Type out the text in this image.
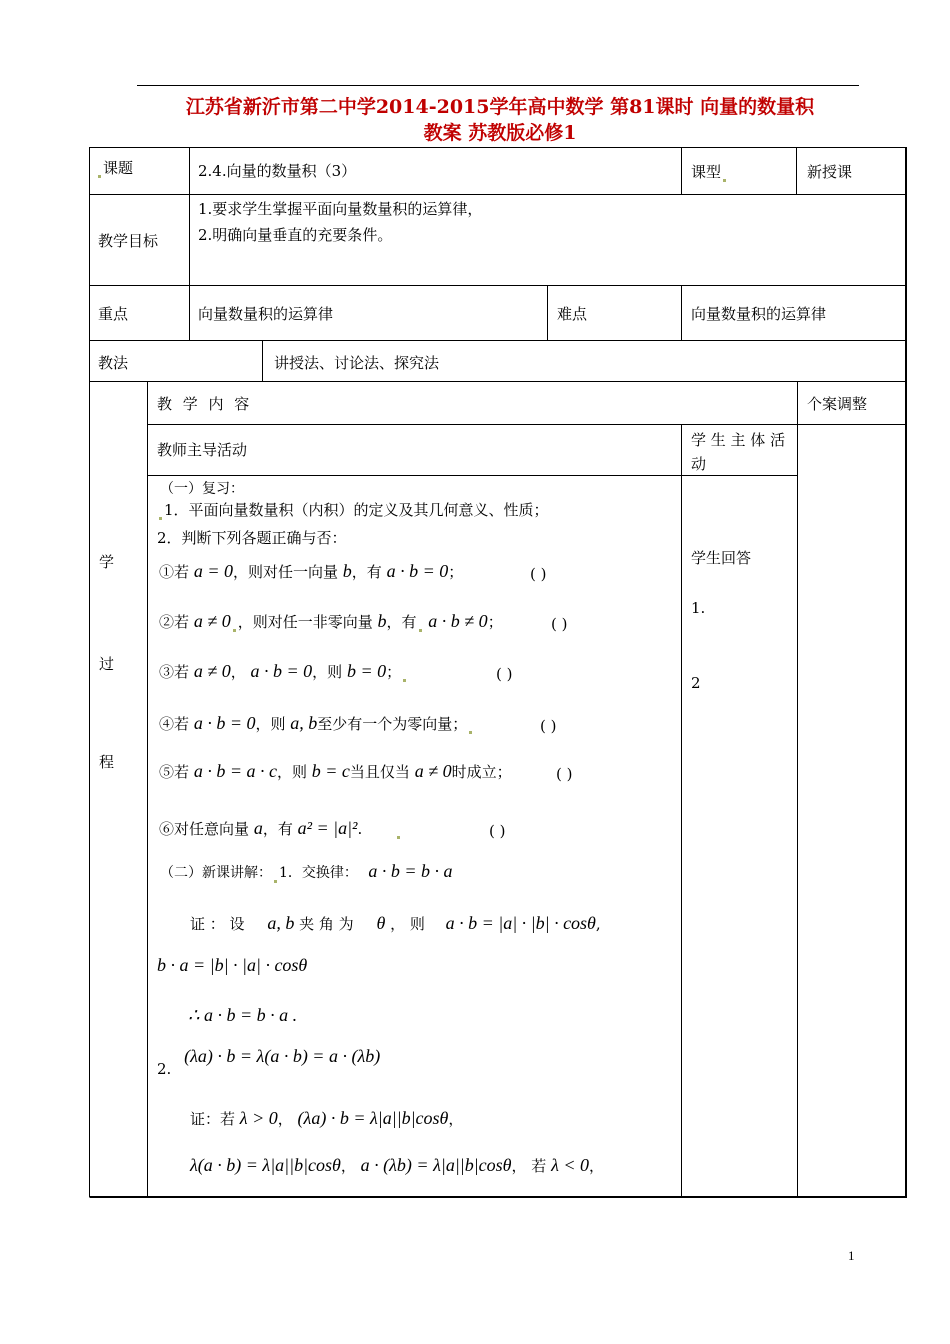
江苏省新沂市第二中学2014-2015学年高中数学 第81课时 向量的数量积
教案 苏教版必修1
课题	2.4.向量的数量积（3）	课型	新授课
教学目标
1.要求学生掌握平面向量数量积的运算律，
2.明确向量垂直的充要条件。
重点	向量数量积的运算律	难点	向量数量积的运算律
教法	讲授法、讨论法、探究法
学
过
程
教 学 内 容	个案调整
教师主导活动
学 生 主 体 活 动
学生回答
1.
2
（一）复习：
1．平面向量数量积（内积）的定义及其几何意义、性质；
2．判断下列各题正确与否：
①若 a = 0，则对任一向量 b，有 a · b = 0；	( )
②若 a ≠ 0 ，则对任一非零向量 b，有 a · b ≠ 0；	( )
③若 a ≠ 0， a · b = 0，则 b = 0；	( )
④若 a · b = 0，则 a, b至少有一个为零向量；	( )
⑤若 a · b = a · c，则 b = c当且仅当 a ≠ 0时成立；	( )
⑥对任意向量 a，有 a² = |a|².	( )
（二）新课讲解： 1．交换律： a · b = b · a
证 ： 设 a, b 夹 角 为 θ ， 则 a · b = |a| · |b| · cosθ,
b · a = |b| · |a| · cosθ
∴ a · b = b · a .
2. (λa) · b = λ(a · b) = a · (λb)
证：若 λ > 0， (λa) · b = λ|a||b|cosθ，
λ(a · b) = λ|a||b|cosθ， a · (λb) = λ|a||b|cosθ， 若 λ < 0，
1
